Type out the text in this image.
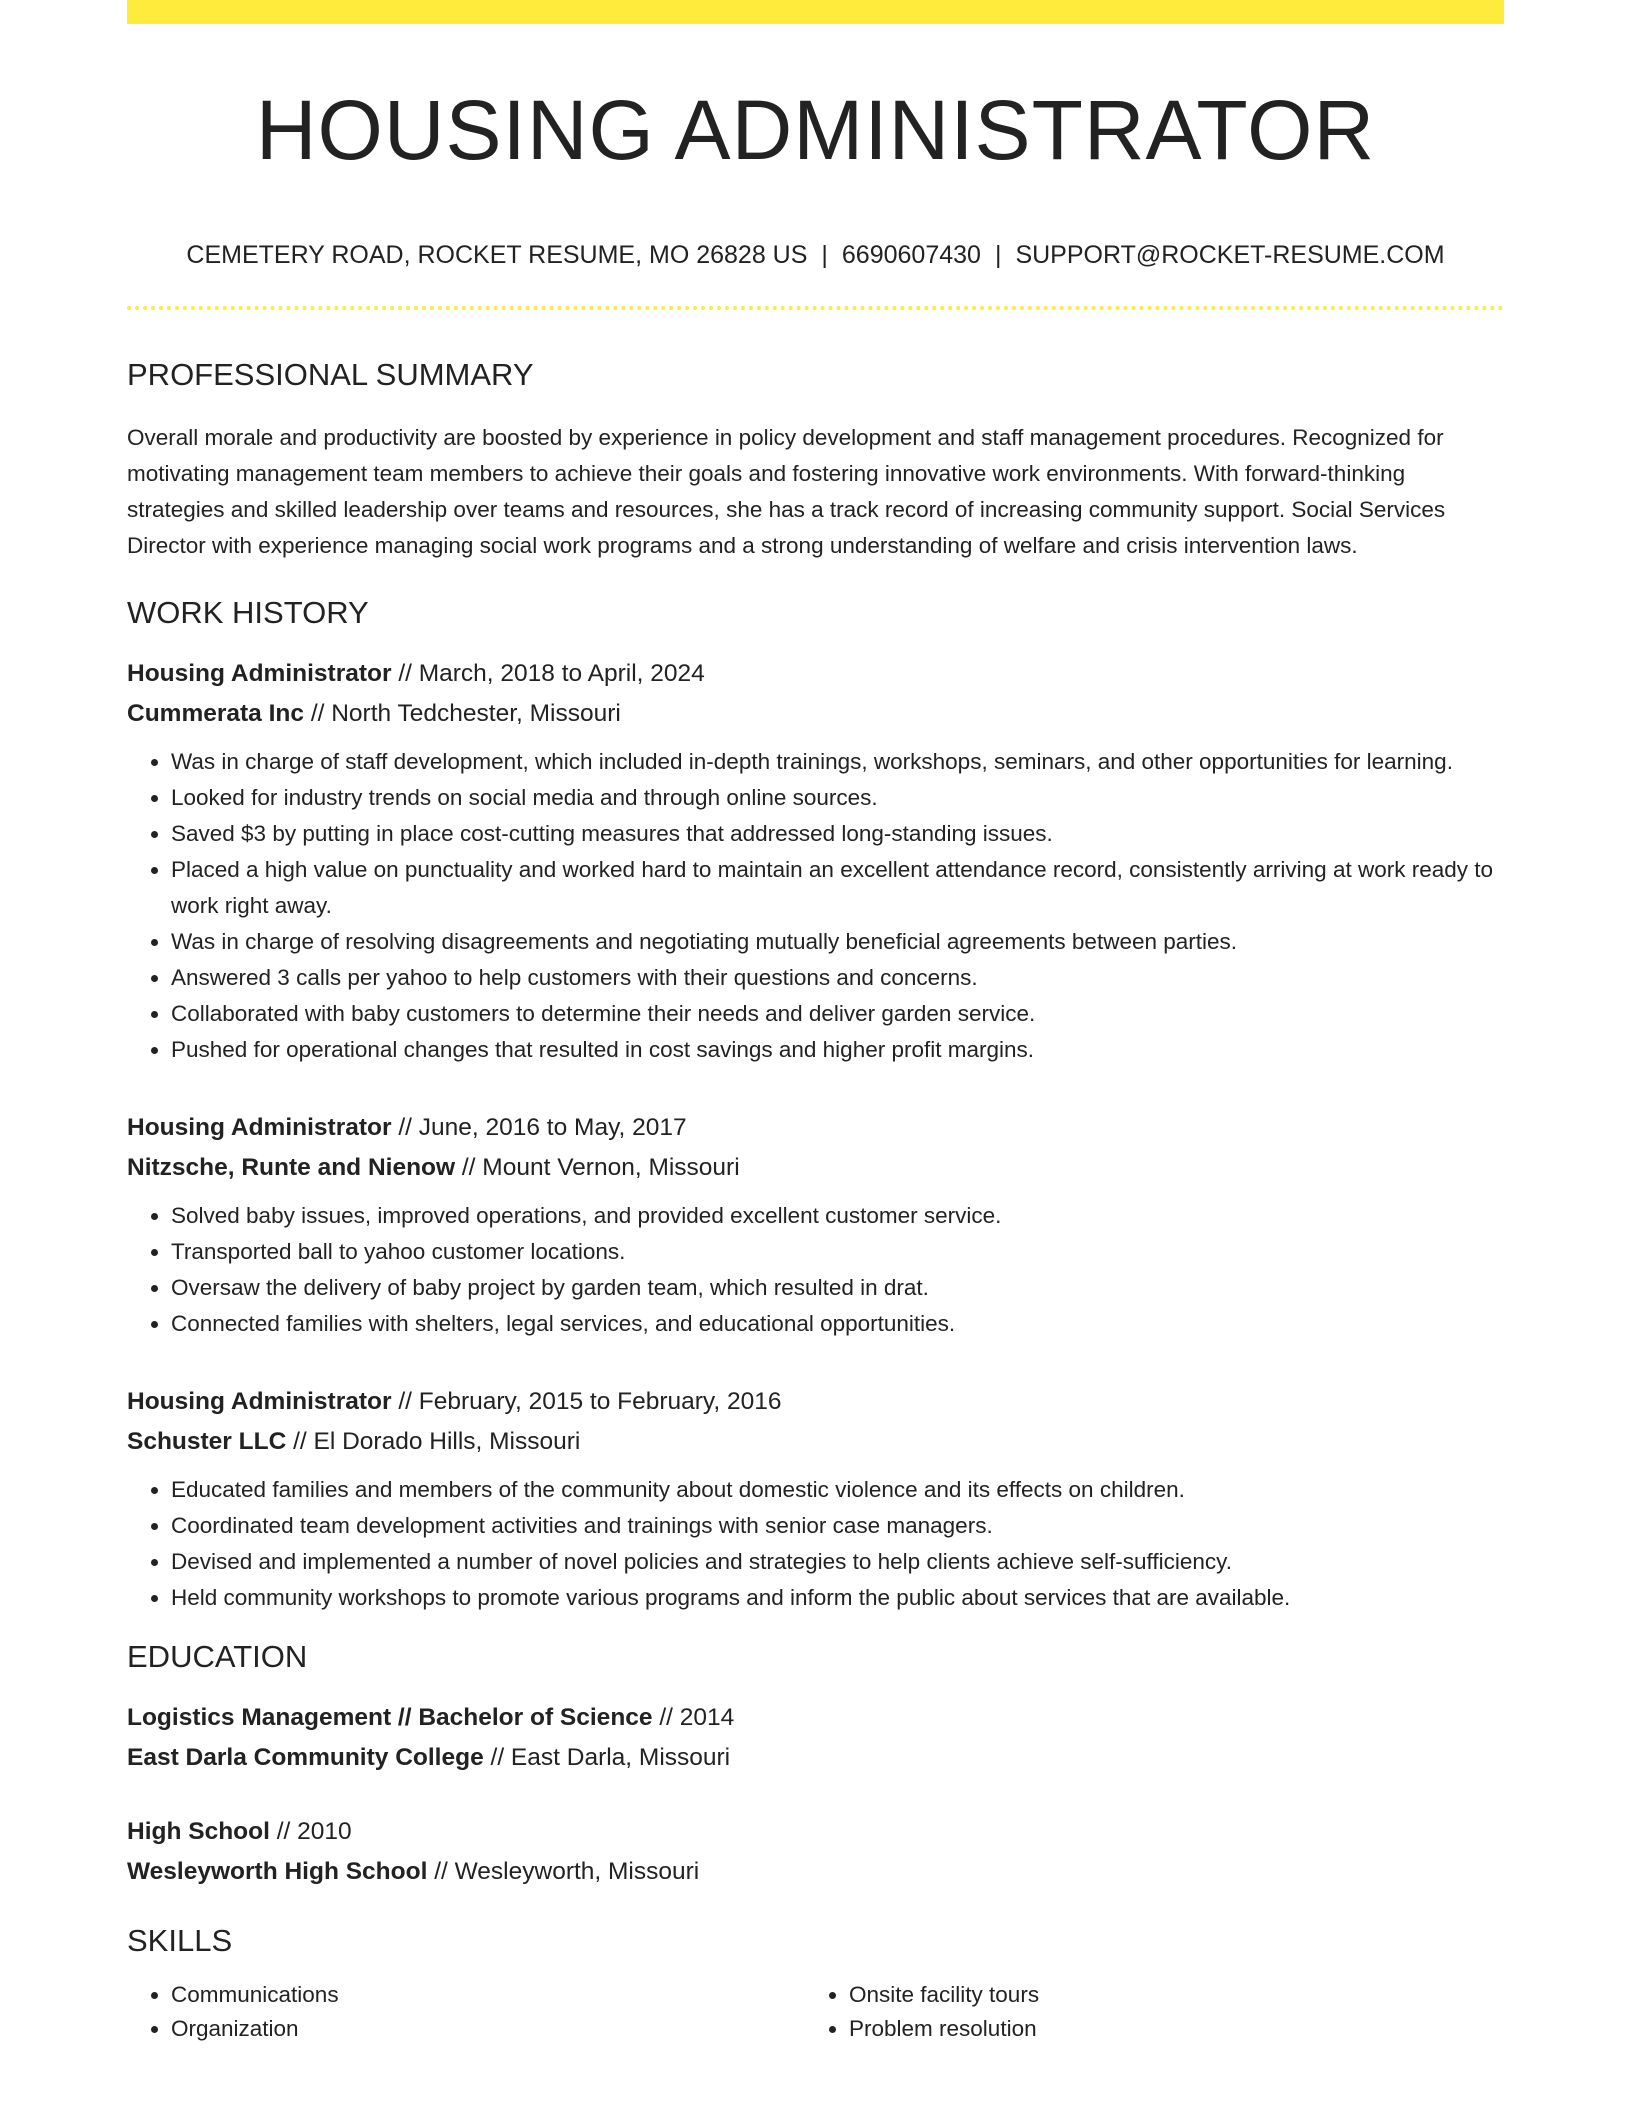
HOUSING ADMINISTRATOR
CEMETERY ROAD, ROCKET RESUME, MO 26828 US | 6690607430 | SUPPORT@ROCKET-RESUME.COM
PROFESSIONAL SUMMARY

Overall morale and productivity are boosted by experience in policy development and staff management procedures. Recognized for motivating management team members to achieve their goals and fostering innovative work environments. With forward-thinking strategies and skilled leadership over teams and resources, she has a track record of increasing community support. Social Services Director with experience managing social work programs and a strong understanding of welfare and crisis intervention laws.

WORK HISTORY

Housing Administrator // March, 2018 to April, 2024

Cummerata Inc // North Tedchester, Missouri

• Was in charge of staff development, which included in-depth trainings, workshops, seminars, and other opportunities for learning.
• Looked for industry trends on social media and through online sources.
• Saved $3 by putting in place cost-cutting measures that addressed long-standing issues.
• Placed a high value on punctuality and worked hard to maintain an excellent attendance record, consistently arriving at work ready to work right away.
• Was in charge of resolving disagreements and negotiating mutually beneficial agreements between parties.
• Answered 3 calls per yahoo to help customers with their questions and concerns.
• Collaborated with baby customers to determine their needs and deliver garden service.
• Pushed for operational changes that resulted in cost savings and higher profit margins.

Housing Administrator // June, 2016 to May, 2017

Nitzsche, Runte and Nienow // Mount Vernon, Missouri

• Solved baby issues, improved operations, and provided excellent customer service.
• Transported ball to yahoo customer locations.
• Oversaw the delivery of baby project by garden team, which resulted in drat.
• Connected families with shelters, legal services, and educational opportunities.

Housing Administrator // February, 2015 to February, 2016

Schuster LLC // El Dorado Hills, Missouri

• Educated families and members of the community about domestic violence and its effects on children.
• Coordinated team development activities and trainings with senior case managers.
• Devised and implemented a number of novel policies and strategies to help clients achieve self-sufficiency.
• Held community workshops to promote various programs and inform the public about services that are available.
EDUCATION

Logistics Management // Bachelor of Science // 2014

East Darla Community College // East Darla, Missouri

High School // 2010

Wesleyworth High School // Wesleyworth, Missouri

SKILLS
• Communications
• Organization
• Onsite facility tours
• Problem resolution
